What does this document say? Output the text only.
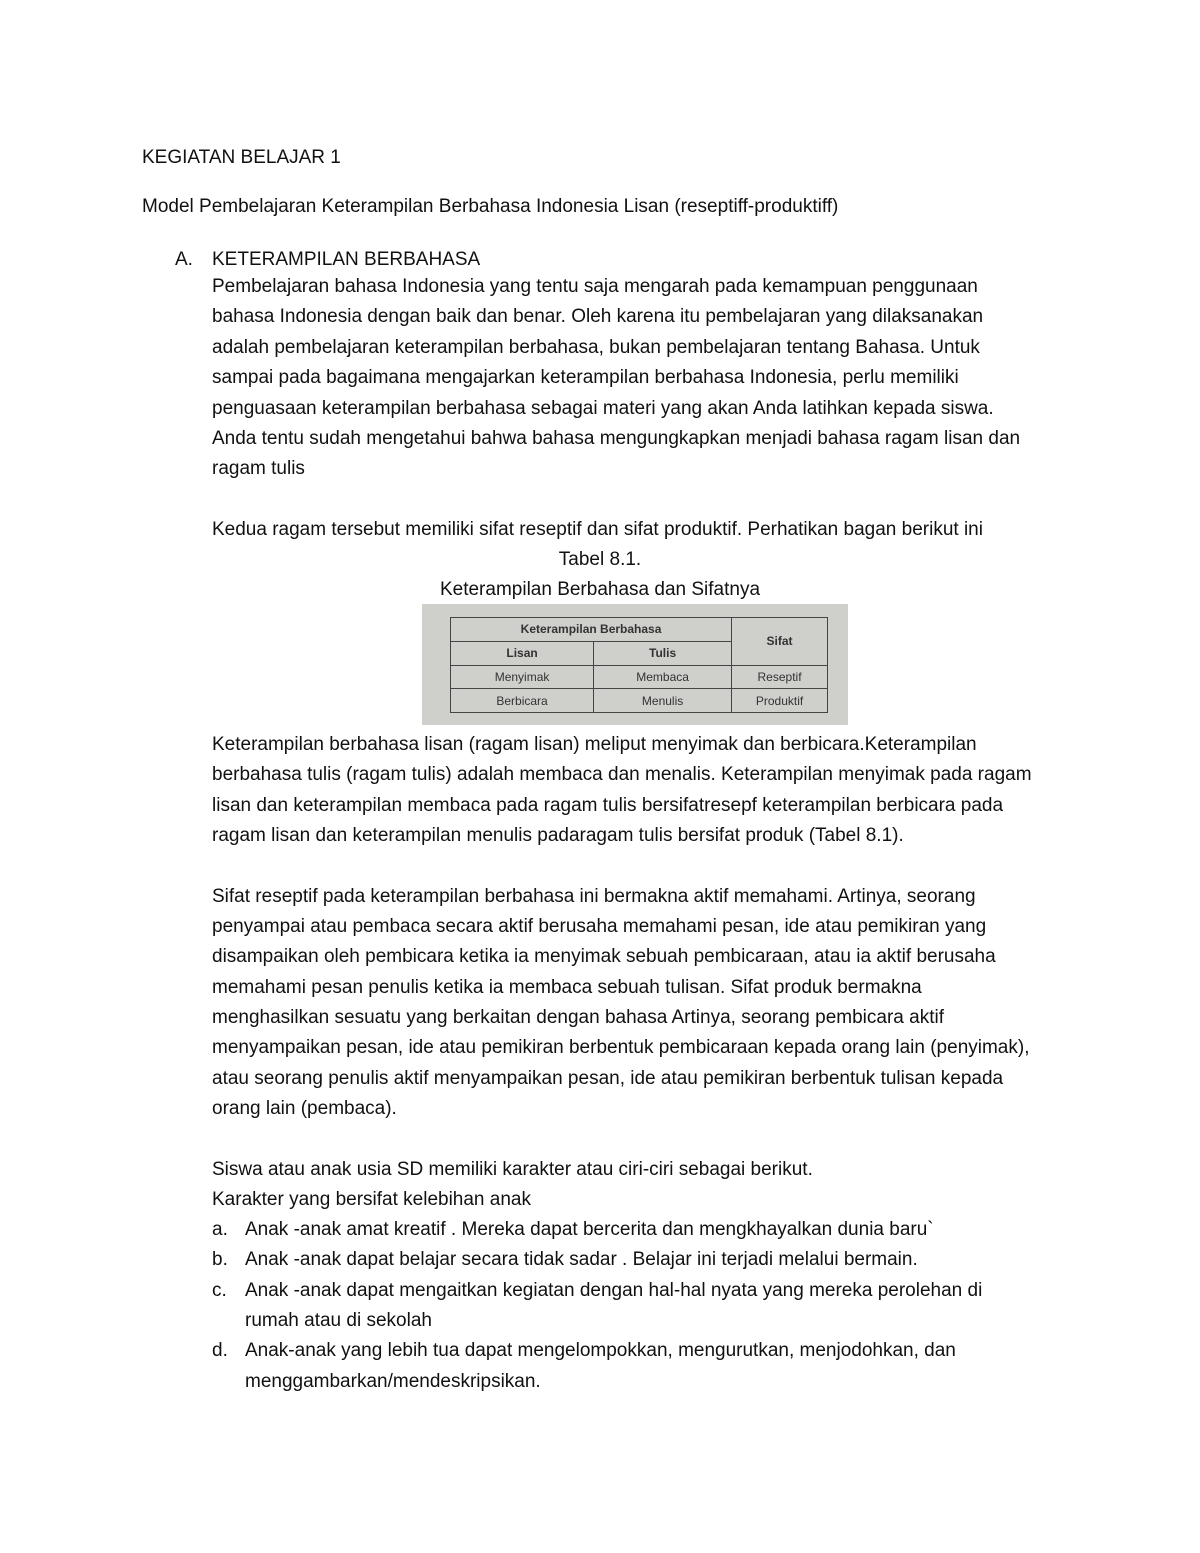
KEGIATAN BELAJAR 1
Model Pembelajaran Keterampilan Berbahasa Indonesia Lisan (reseptiff-produktiff)
A. KETERAMPILAN BERBAHASA
Pembelajaran bahasa Indonesia yang tentu saja mengarah pada kemampuan penggunaan
bahasa Indonesia dengan baik dan benar. Oleh karena itu pembelajaran yang dilaksanakan
adalah pembelajaran keterampilan berbahasa, bukan pembelajaran tentang Bahasa. Untuk
sampai pada bagaimana mengajarkan keterampilan berbahasa Indonesia, perlu memiliki
penguasaan keterampilan berbahasa sebagai materi yang akan Anda latihkan kepada siswa.
Anda tentu sudah mengetahui bahwa bahasa mengungkapkan menjadi bahasa ragam lisan dan
ragam tulis
Kedua ragam tersebut memiliki sifat reseptif dan sifat produktif. Perhatikan bagan berikut ini
Tabel 8.1.
Keterampilan Berbahasa dan Sifatnya
Keterampilan Berbahasa		Sifat
Lisan	Tulis	
Menyimak	Membaca	Reseptif
Berbicara	Menulis	Produktif
Keterampilan berbahasa lisan (ragam lisan) meliput menyimak dan berbicara.Keterampilan
berbahasa tulis (ragam tulis) adalah membaca dan menalis. Keterampilan menyimak pada ragam
lisan dan keterampilan membaca pada ragam tulis bersifatresepf keterampilan berbicara pada
ragam lisan dan keterampilan menulis padaragam tulis bersifat produk (Tabel 8.1).
Sifat reseptif pada keterampilan berbahasa ini bermakna aktif memahami. Artinya, seorang
penyampai atau pembaca secara aktif berusaha memahami pesan, ide atau pemikiran yang
disampaikan oleh pembicara ketika ia menyimak sebuah pembicaraan, atau ia aktif berusaha
memahami pesan penulis ketika ia membaca sebuah tulisan. Sifat produk bermakna
menghasilkan sesuatu yang berkaitan dengan bahasa Artinya, seorang pembicara aktif
menyampaikan pesan, ide atau pemikiran berbentuk pembicaraan kepada orang lain (penyimak),
atau seorang penulis aktif menyampaikan pesan, ide atau pemikiran berbentuk tulisan kepada
orang lain (pembaca).
Siswa atau anak usia SD memiliki karakter atau ciri-ciri sebagai berikut.
Karakter yang bersifat kelebihan anak
a. Anak -anak amat kreatif . Mereka dapat bercerita dan mengkhayalkan dunia baru`
b. Anak -anak dapat belajar secara tidak sadar . Belajar ini terjadi melalui bermain.
c. Anak -anak dapat mengaitkan kegiatan dengan hal-hal nyata yang mereka perolehan di
rumah atau di sekolah
d. Anak-anak yang lebih tua dapat mengelompokkan, mengurutkan, menjodohkan, dan
menggambarkan/mendeskripsikan.
